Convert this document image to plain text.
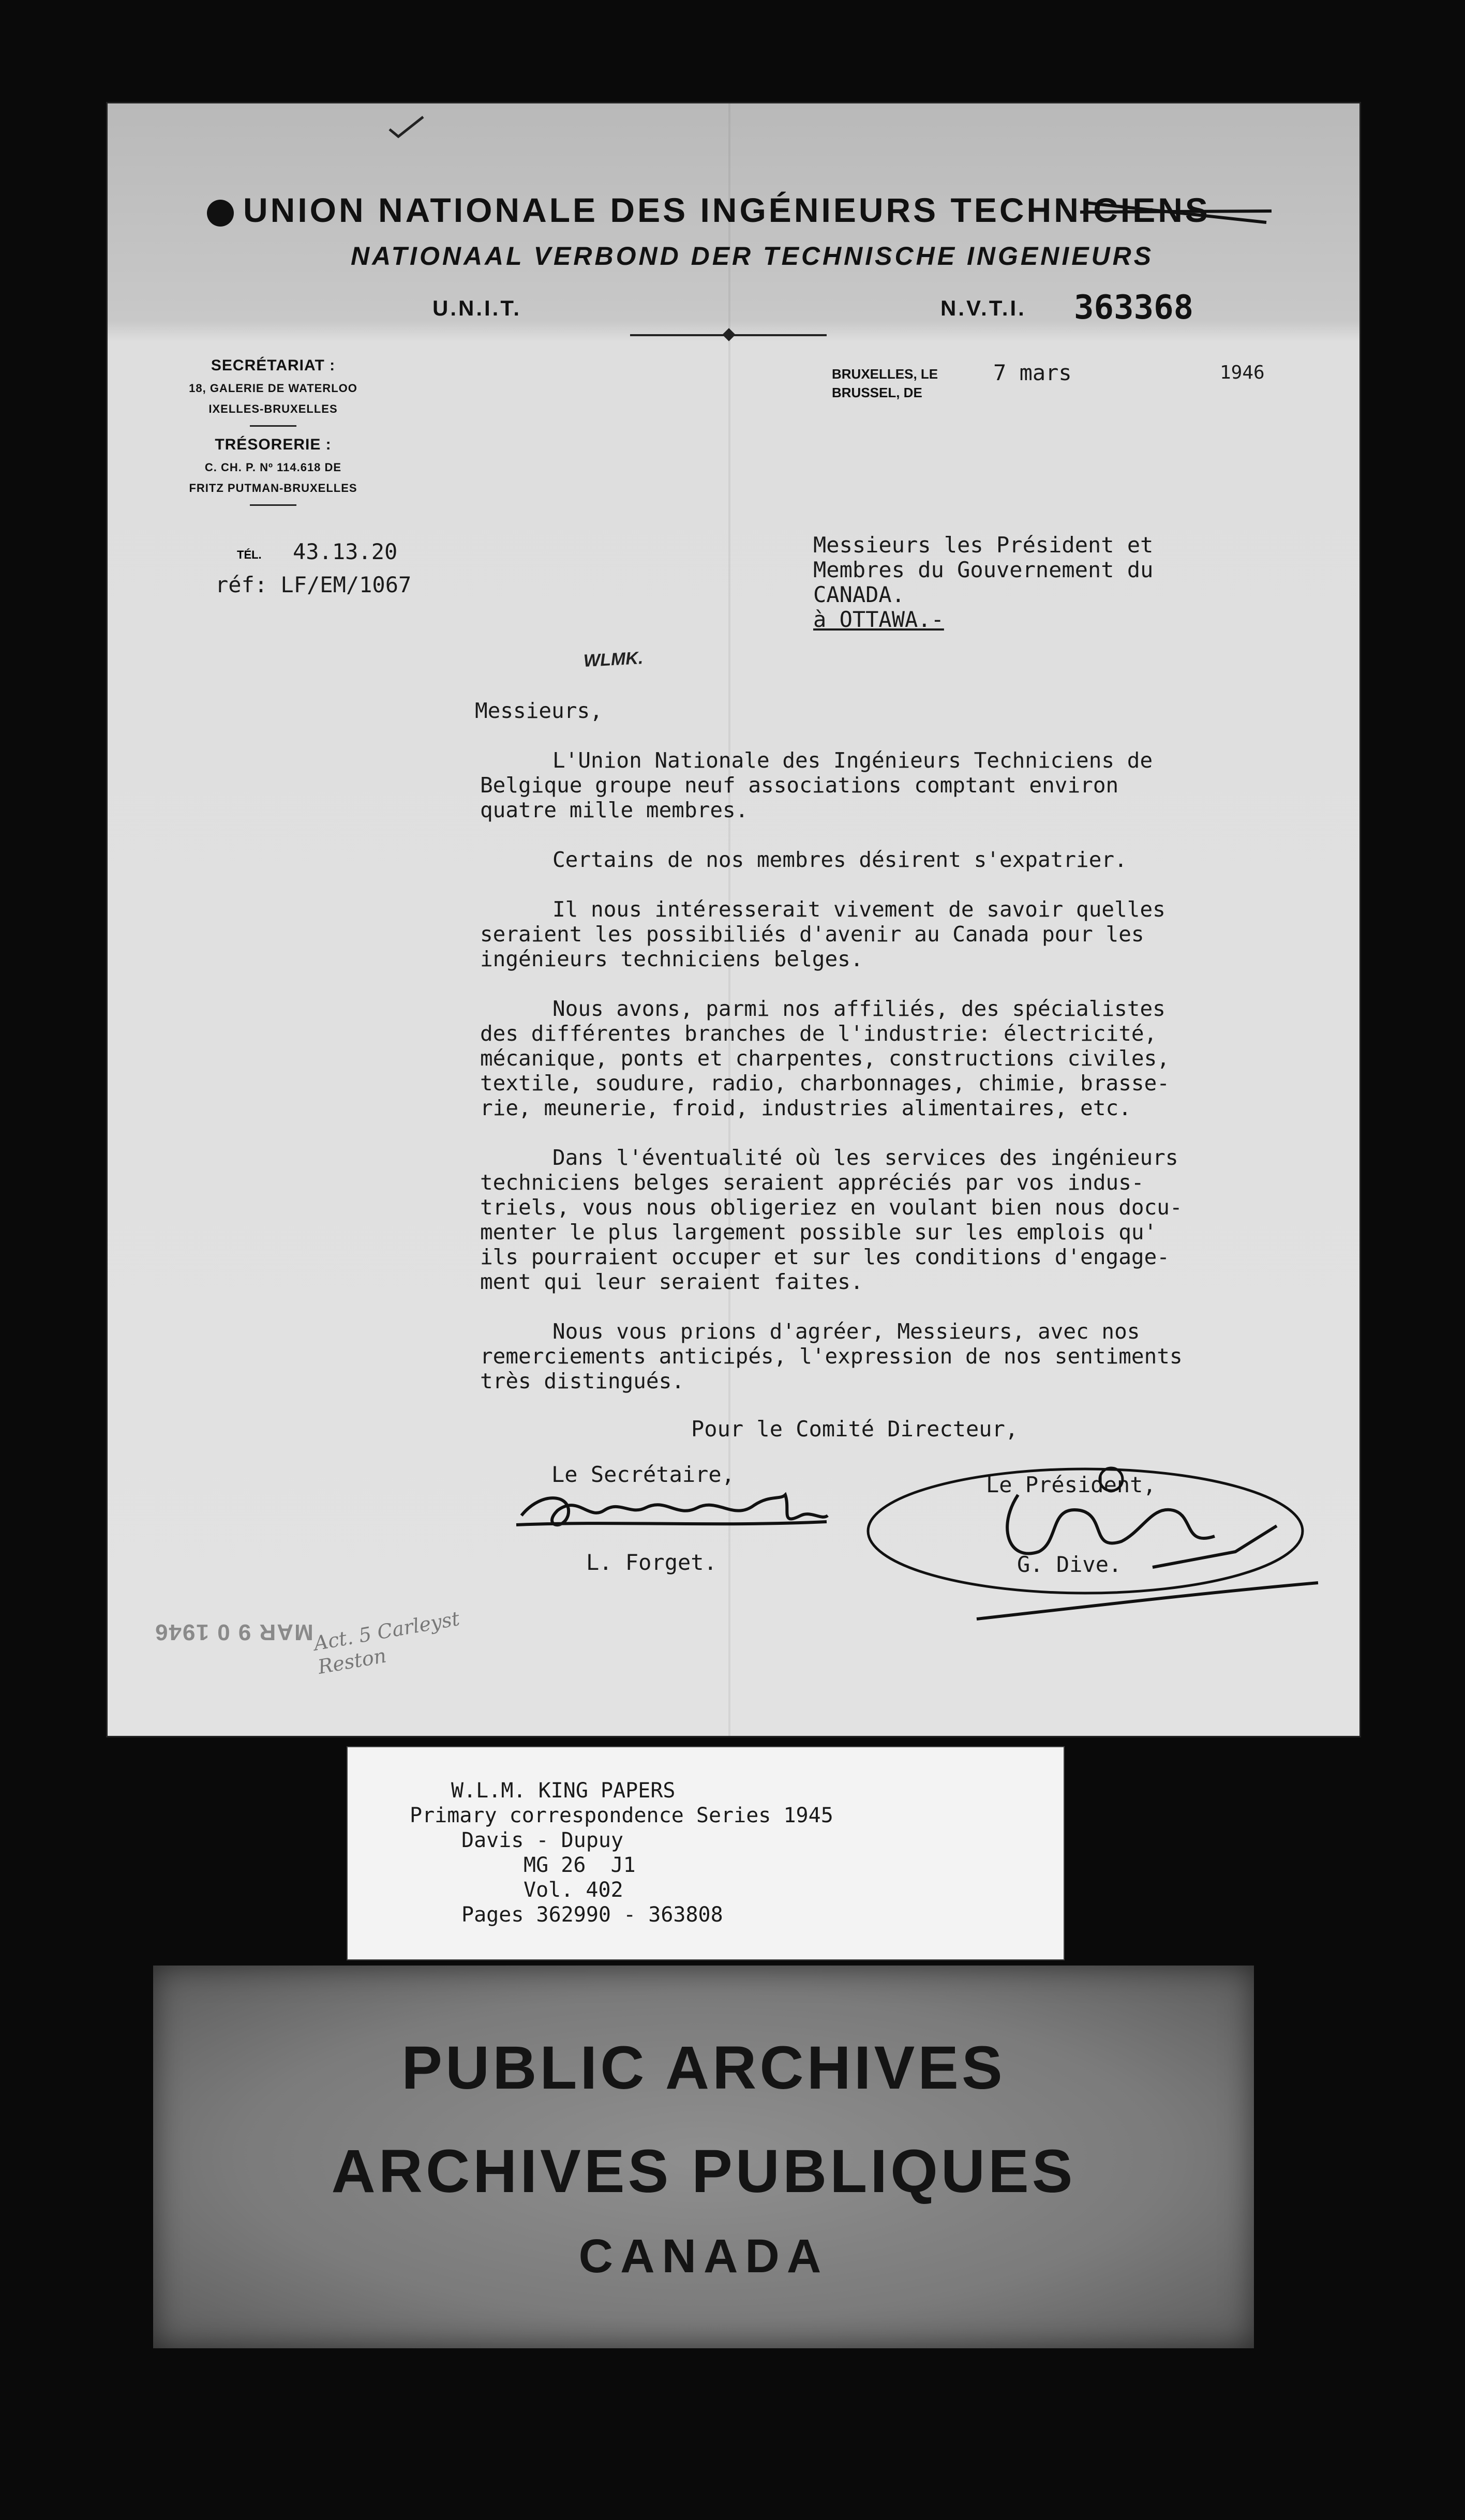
UNION NATIONALE DES INGÉNIEURS TECHNICIENS
NATIONAAL VERBOND DER TECHNISCHE INGENIEURS
U.N.I.T.	N.V.T.I. 363368
SECRÉTARIAT :
18, GALERIE DE WATERLOO
IXELLES-BRUXELLES
TRÉSORERIE :
C. CH. P. Nº 114.618 DE
FRITZ PUTMAN-BRUXELLES
TÉL. 43.13.20
réf: LF/EM/1067
BRUXELLES, LE
BRUSSEL, DE
7 mars	1946
Messieurs les Président et
Membres du Gouvernement du
CANADA.
à OTTAWA.-
WLMK.

Messieurs,

L'Union Nationale des Ingénieurs Techniciens de
Belgique groupe neuf associations comptant environ
quatre mille membres.

Certains de nos membres désirent s'expatrier.

Il nous intéresserait vivement de savoir quelles
seraient les possibiliés d'avenir au Canada pour les
ingénieurs techniciens belges.

Nous avons, parmi nos affiliés, des spécialistes
des différentes branches de l'industrie: électricité,
mécanique, ponts et charpentes, constructions civiles,
textile, soudure, radio, charbonnages, chimie, brasse-
rie, meunerie, froid, industries alimentaires, etc.

Dans l'éventualité où les services des ingénieurs
techniciens belges seraient appréciés par vos indus-
triels, vous nous obligeriez en voulant bien nous docu-
menter le plus largement possible sur les emplois qu'
ils pourraient occuper et sur les conditions d'engage-
ment qui leur seraient faites.

Nous vous prions d'agréer, Messieurs, avec nos
remerciements anticipés, l'expression de nos sentiments
très distingués.

Pour le Comité Directeur,
Le Secrétaire,	Le Président,
L. Forget.	G. Dive.
MAR 9 0 1946
Act. 5 Carleyst Reston
W.L.M. KING PAPERS
Primary correspondence Series 1945
Davis - Dupuy
MG 26  J1
Vol. 402
Pages 362990 - 363808
PUBLIC ARCHIVES
ARCHIVES PUBLIQUES
CANADA
